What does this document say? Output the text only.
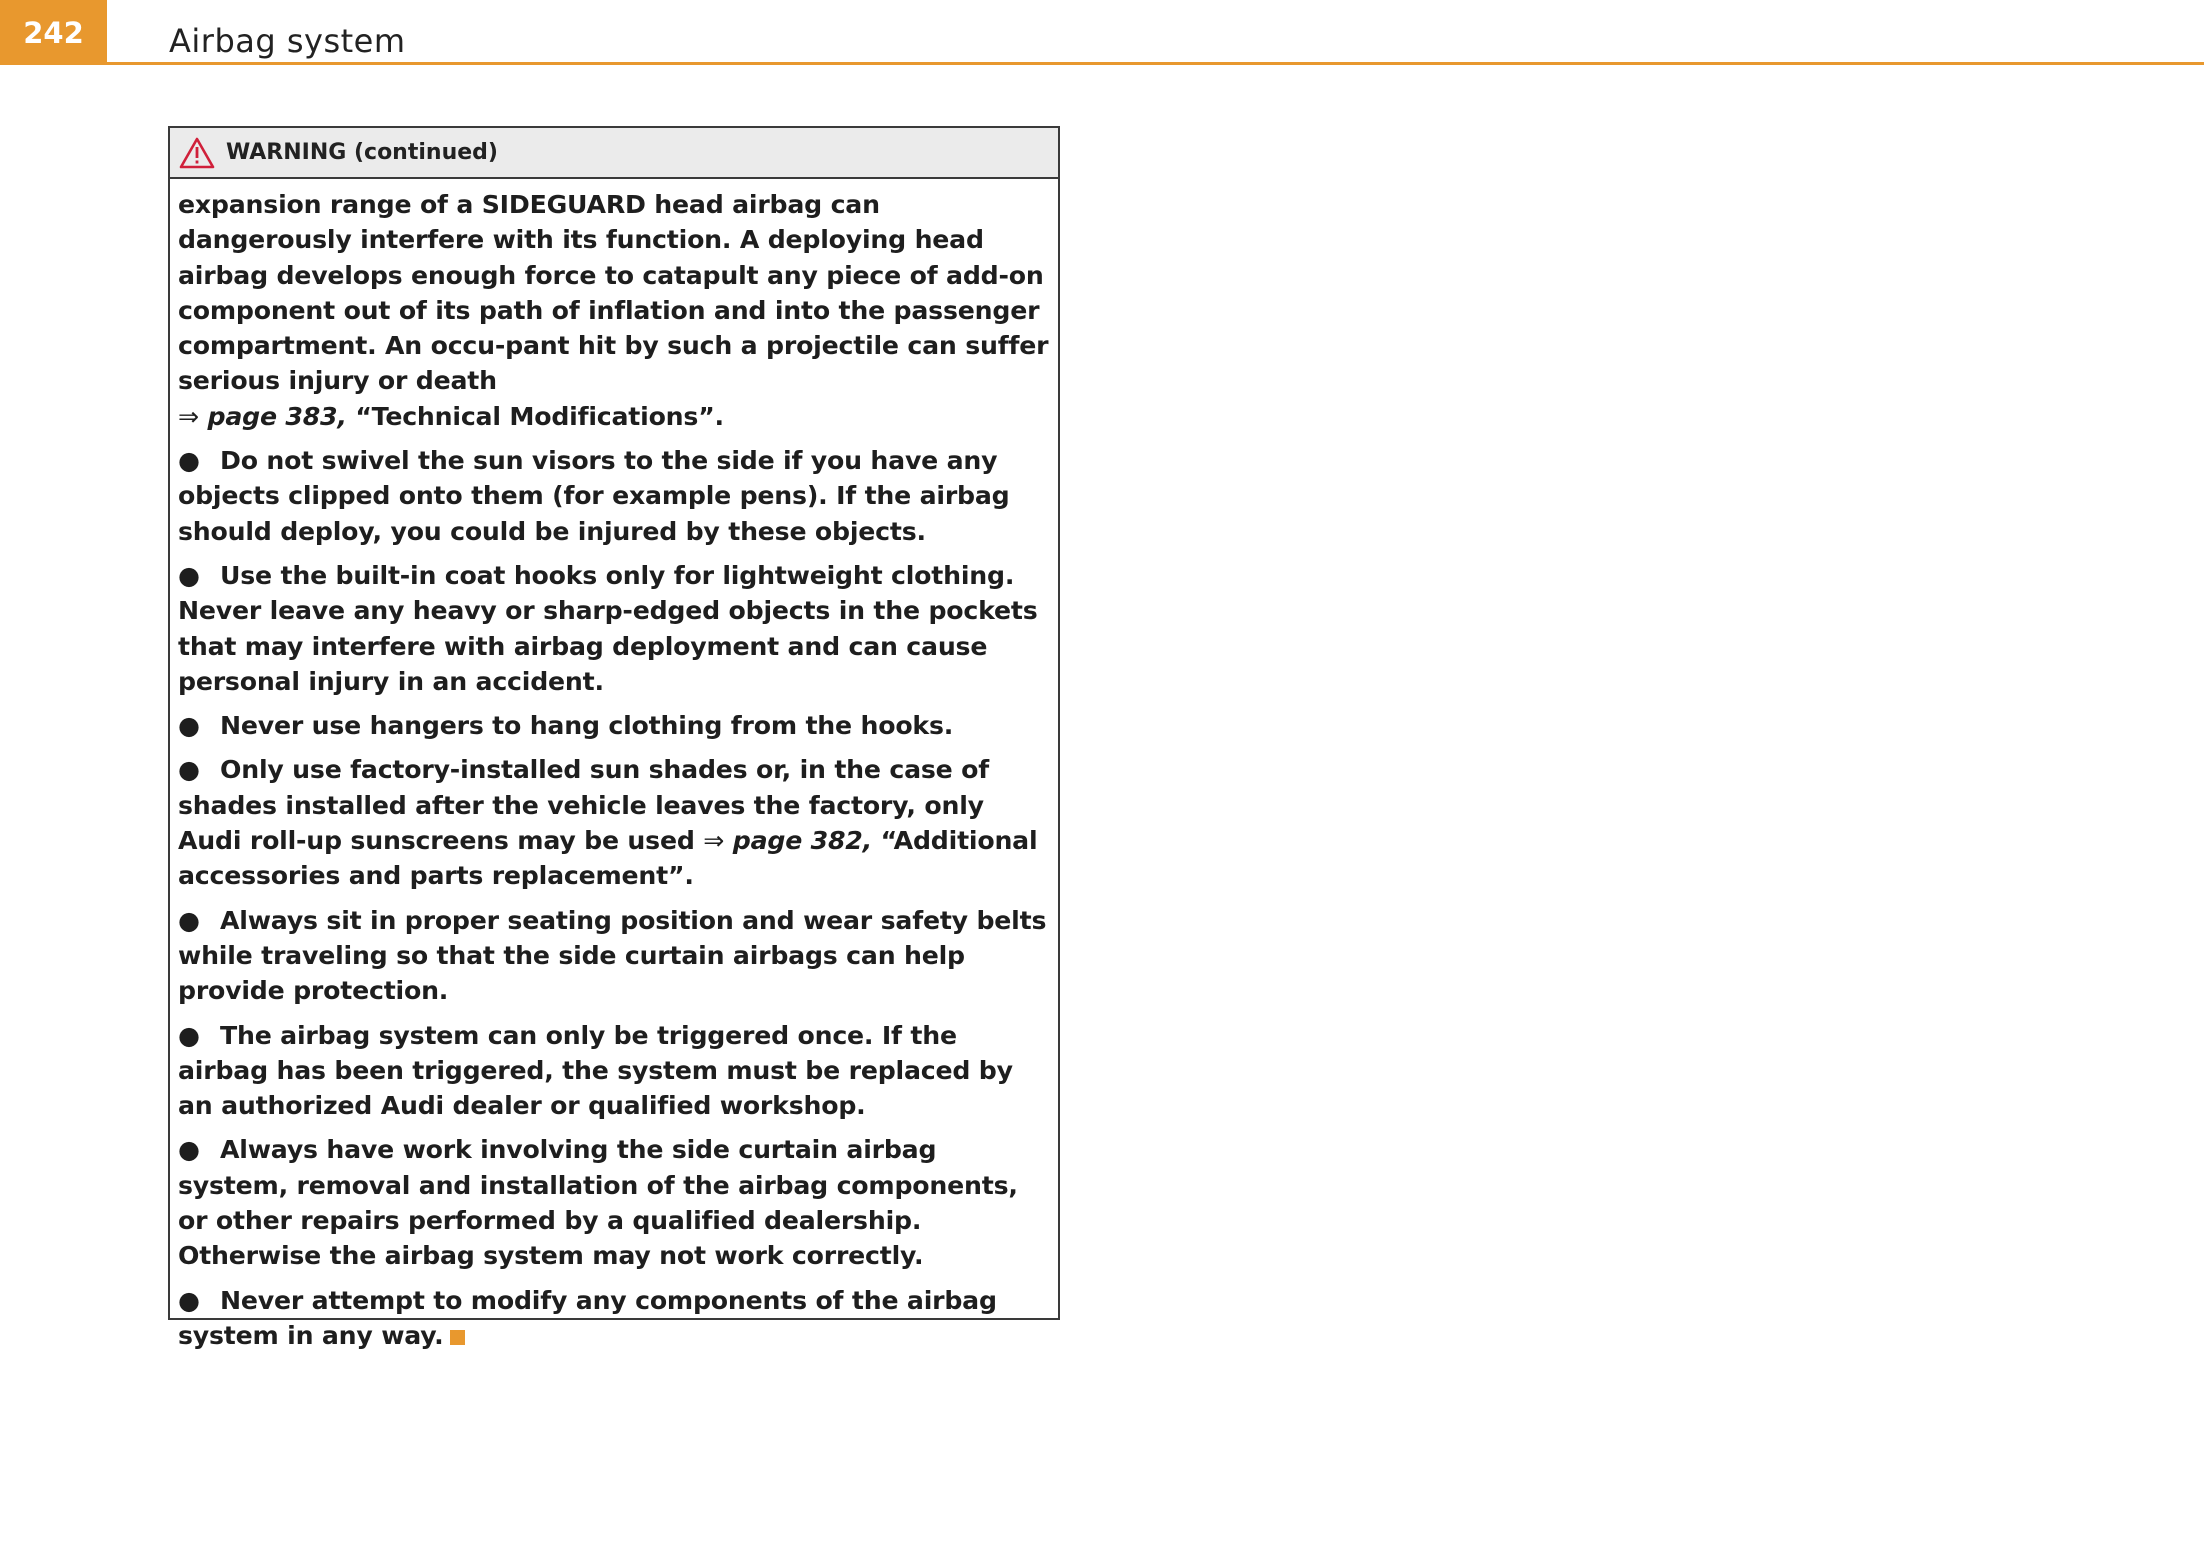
242	Airbag system
WARNING (continued)

expansion range of a SIDEGUARD head airbag can dangerously interfere with its function. A deploying head airbag develops enough force to catapult any piece of add-on component out of its path of inflation and into the passenger compartment. An occu-pant hit by such a projectile can suffer serious injury or death
⇒ page 383, “Technical Modifications”.

● Do not swivel the sun visors to the side if you have any objects clipped onto them (for example pens). If the airbag should deploy, you could be injured by these objects.

● Use the built-in coat hooks only for lightweight clothing. Never leave any heavy or sharp-edged objects in the pockets that may interfere with airbag deployment and can cause personal injury in an accident.

● Never use hangers to hang clothing from the hooks.

● Only use factory-installed sun shades or, in the case of shades installed after the vehicle leaves the factory, only Audi roll-up sunscreens may be used ⇒ page 382, “Additional accessories and parts replacement”.

● Always sit in proper seating position and wear safety belts while traveling so that the side curtain airbags can help provide protection.

● The airbag system can only be triggered once. If the airbag has been triggered, the system must be replaced by an authorized Audi dealer or qualified workshop.

● Always have work involving the side curtain airbag system, removal and installation of the airbag components, or other repairs performed by a qualified dealership. Otherwise the airbag system may not work correctly.

● Never attempt to modify any components of the airbag system in any way.
